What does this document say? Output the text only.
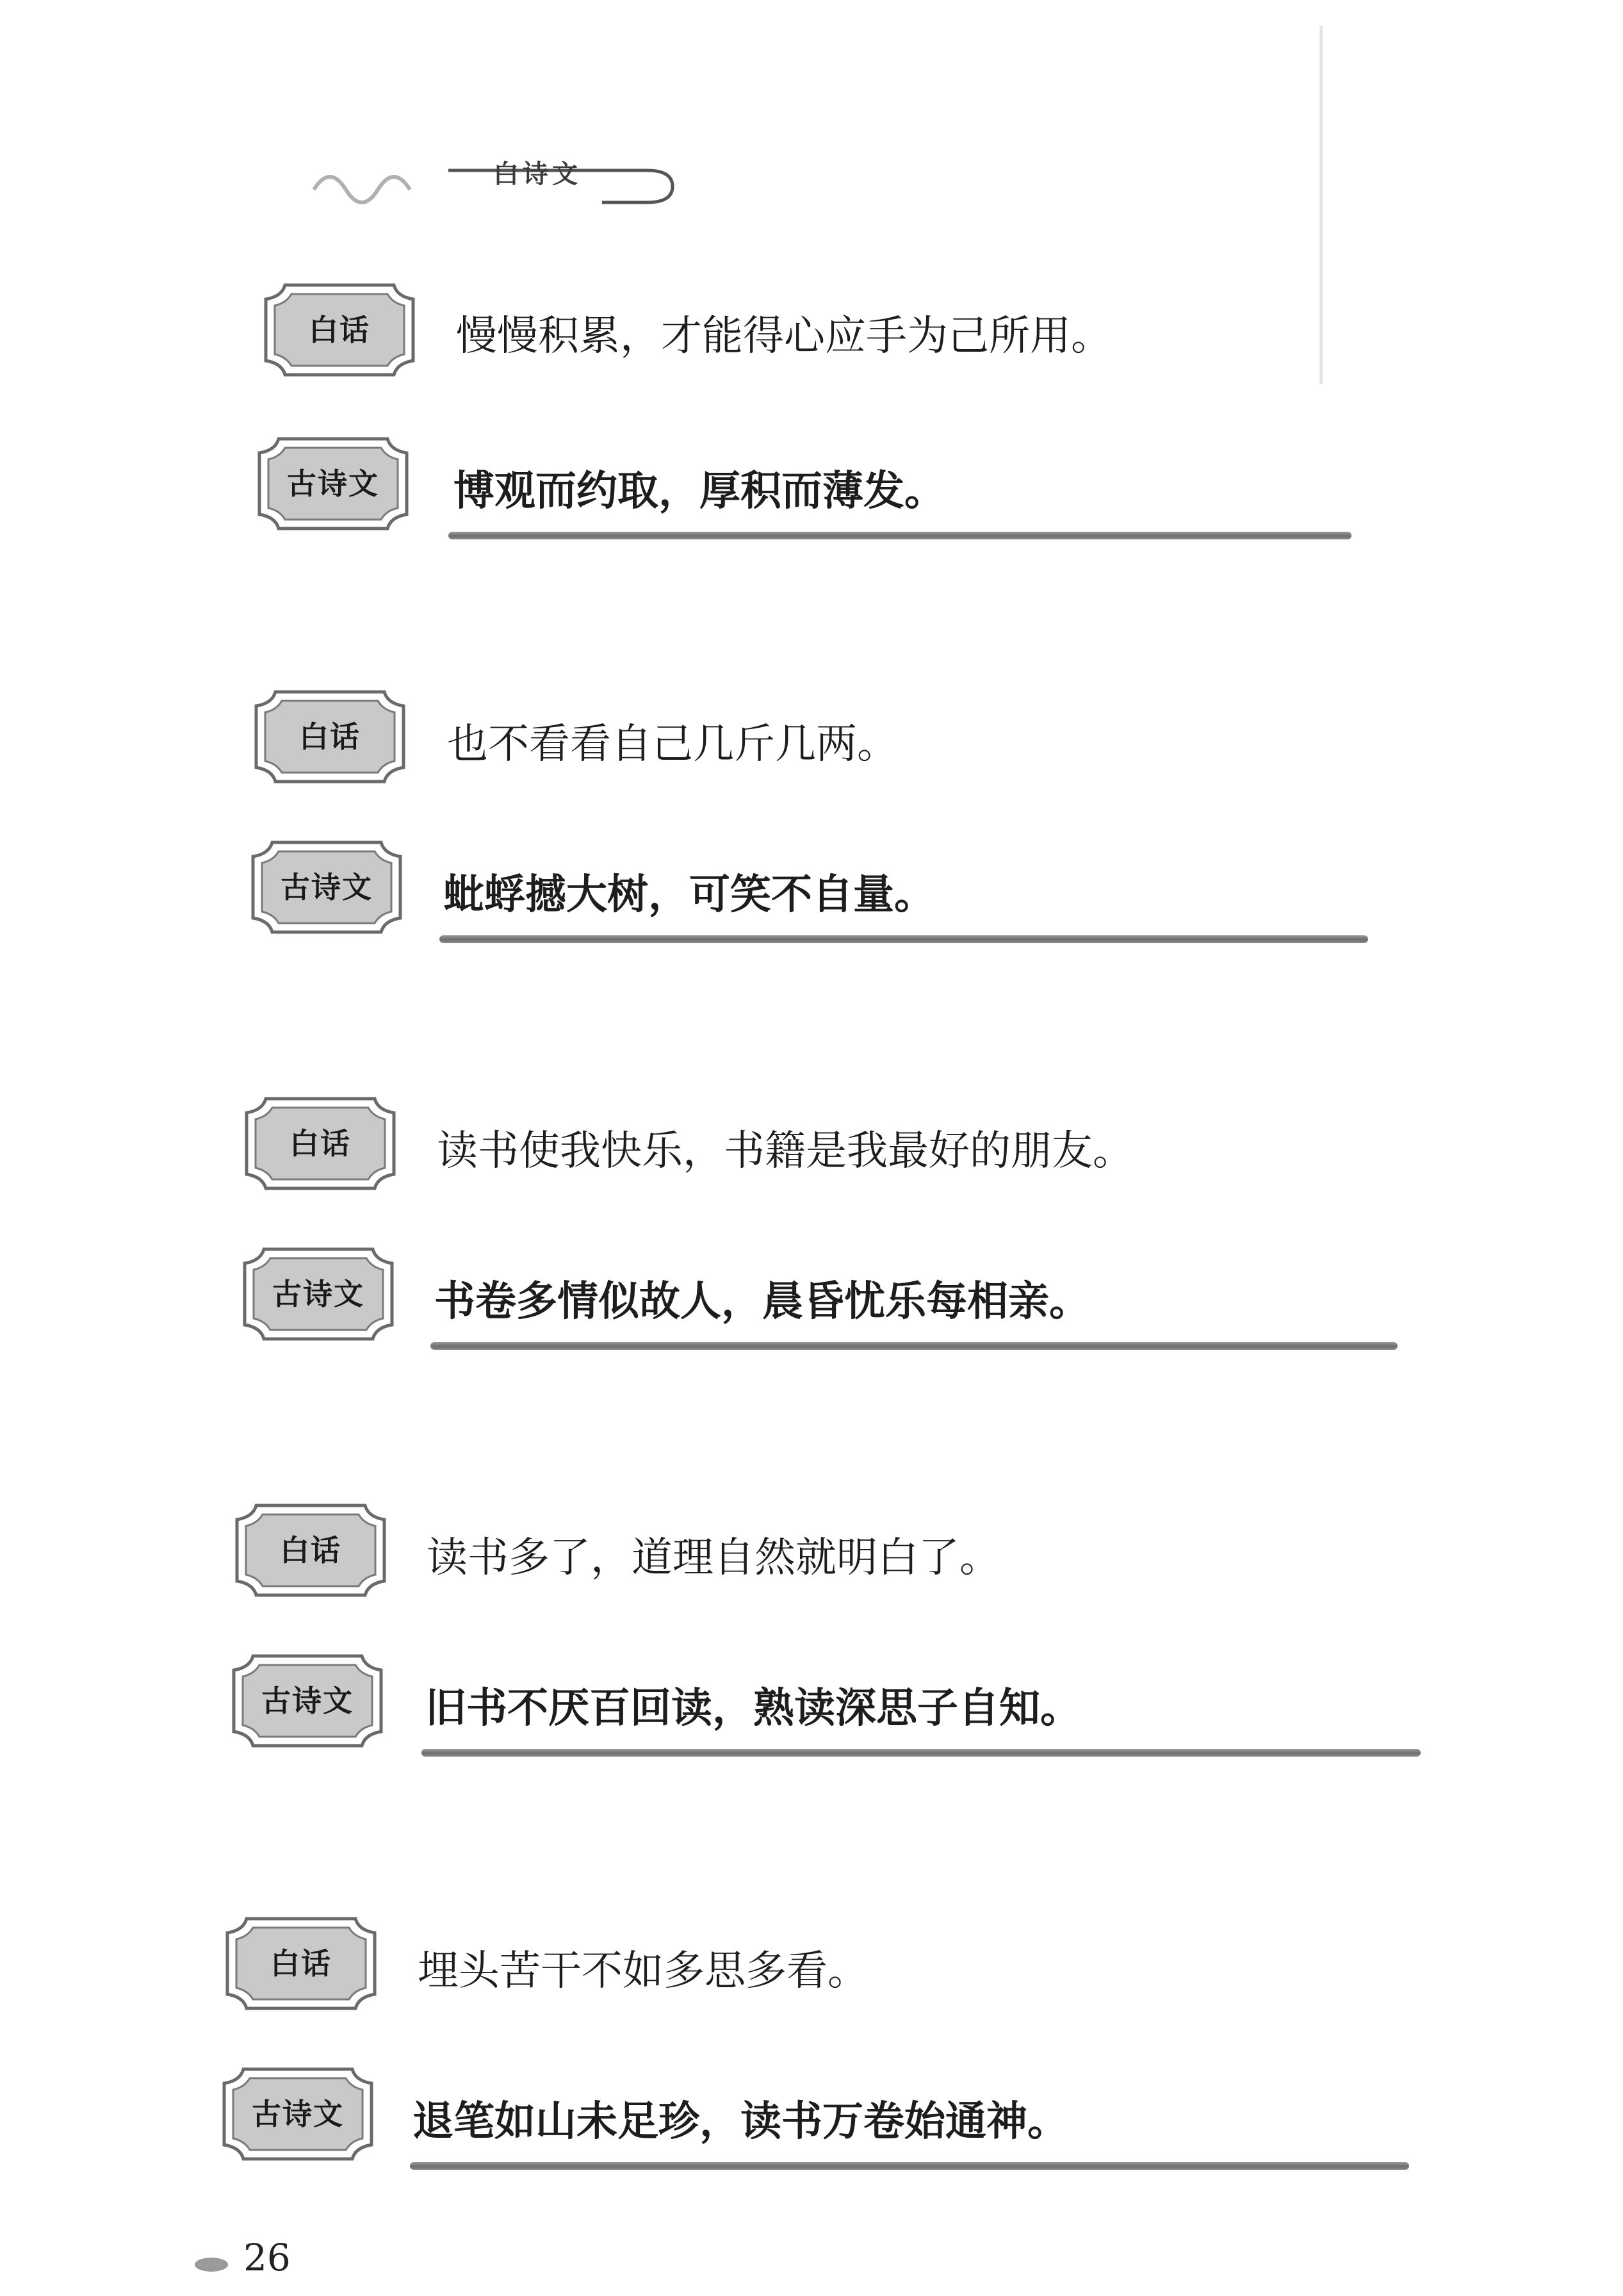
白诗文
白话	慢慢积累，才能得心应手为己所用。
古诗文	博观而约取，厚积而薄发。
白话	也不看看自己几斤几两。
古诗文	蚍蜉撼大树，可笑不自量。
白话	读书使我快乐，书籍是我最好的朋友。
古诗文	书卷多情似故人，晨昏忧乐每相亲。
白话	读书多了，道理自然就明白了。
古诗文	旧书不厌百回读，熟读深思子自知。
白话	埋头苦干不如多思多看。
古诗文	退笔如山未足珍，读书万卷始通神。
26
